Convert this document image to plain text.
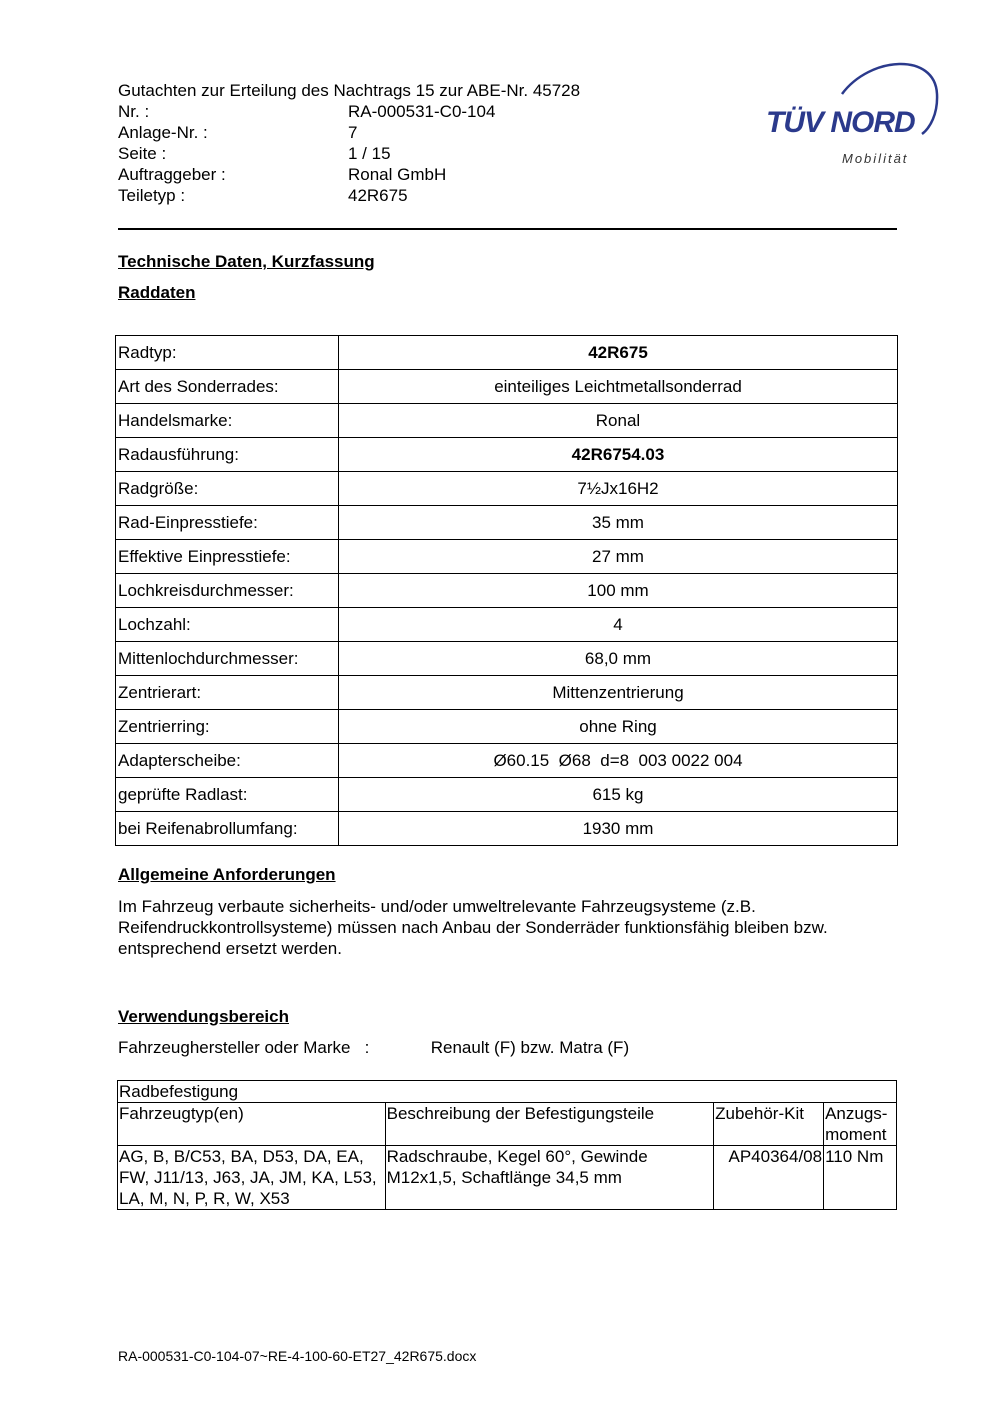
Gutachten zur Erteilung des Nachtrags 15 zur ABE-Nr. 45728
Nr. :	RA-000531-C0-104
Anlage-Nr. :	7
Seite :	1 / 15
Auftraggeber :	Ronal GmbH
Teiletyp :	42R675
TÜV NORD
Mobilität
Technische Daten, Kurzfassung
Raddaten
Radtyp:	42R675
Art des Sonderrades:	einteiliges Leichtmetallsonderrad
Handelsmarke:	Ronal
Radausführung:	42R6754.03
Radgröße:	7½Jx16H2
Rad-Einpresstiefe:	35 mm
Effektive Einpresstiefe:	27 mm
Lochkreisdurchmesser:	100 mm
Lochzahl:	4
Mittenlochdurchmesser:	68,0 mm
Zentrierart:	Mittenzentrierung
Zentrierring:	ohne Ring
Adapterscheibe:	Ø60.15  Ø68  d=8  003 0022 004
geprüfte Radlast:	615 kg
bei Reifenabrollumfang:	1930 mm
Allgemeine Anforderungen
Im Fahrzeug verbaute sicherheits- und/oder umweltrelevante Fahrzeugsysteme (z.B. Reifendruckkontrollsysteme) müssen nach Anbau der Sonderräder funktionsfähig bleiben bzw. entsprechend ersetzt werden.
Verwendungsbereich
Fahrzeughersteller oder Marke   :	Renault (F) bzw. Matra (F)
Radbefestigung			
Fahrzeugtyp(en)	Beschreibung der Befestigungsteile	Zubehör-Kit	Anzugs-moment
AG, B, B/C53, BA, D53, DA, EA, FW, J11/13, J63, JA, JM, KA, L53, LA, M, N, P, R, W, X53	Radschraube, Kegel 60°, Gewinde M12x1,5, Schaftlänge 34,5 mm	AP40364/08	110 Nm
RA-000531-C0-104-07~RE-4-100-60-ET27_42R675.docx
